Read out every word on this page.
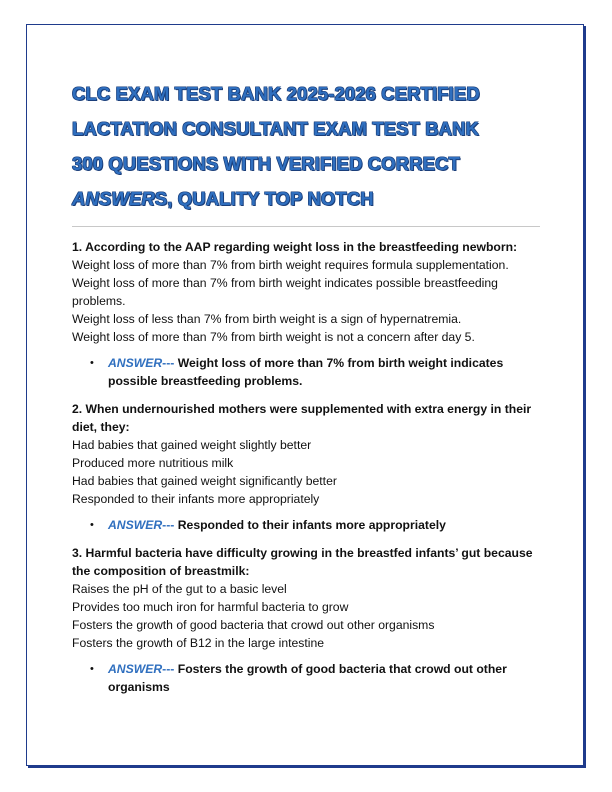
CLC EXAM TEST BANK 2025-2026 CERTIFIED
LACTATION CONSULTANT EXAM TEST BANK
300 QUESTIONS WITH VERIFIED CORRECT
ANSWERS, QUALITY TOP NOTCH

1. According to the AAP regarding weight loss in the breastfeeding newborn:

Weight loss of more than 7% from birth weight requires formula supplementation.

Weight loss of more than 7% from birth weight indicates possible breastfeeding problems.

Weight loss of less than 7% from birth weight is a sign of hypernatremia.

Weight loss of more than 7% from birth weight is not a concern after day 5.

• ANSWER--- Weight loss of more than 7% from birth weight indicates possible breastfeeding problems.

2. When undernourished mothers were supplemented with extra energy in their diet, they:

Had babies that gained weight slightly better

Produced more nutritious milk

Had babies that gained weight significantly better

Responded to their infants more appropriately

• ANSWER--- Responded to their infants more appropriately

3. Harmful bacteria have difficulty growing in the breastfed infants’ gut because the composition of breastmilk:

Raises the pH of the gut to a basic level

Provides too much iron for harmful bacteria to grow

Fosters the growth of good bacteria that crowd out other organisms

Fosters the growth of B12 in the large intestine

• ANSWER--- Fosters the growth of good bacteria that crowd out other organisms
